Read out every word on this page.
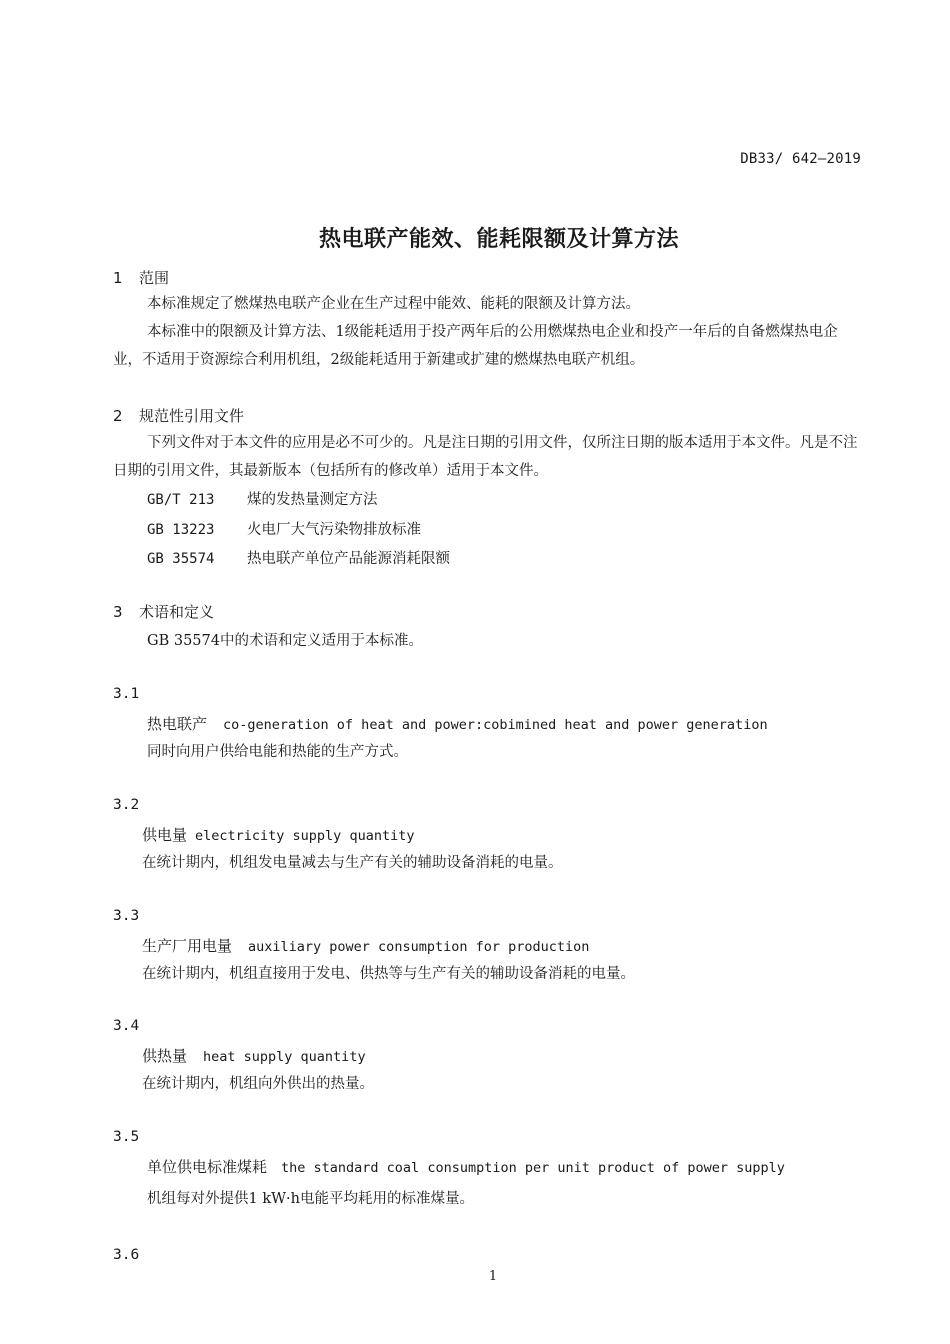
DB33/ 642—2019
热电联产能效、能耗限额及计算方法
1 范围
本标准规定了燃煤热电联产企业在生产过程中能效、能耗的限额及计算方法。
本标准中的限额及计算方法、1级能耗适用于投产两年后的公用燃煤热电企业和投产一年后的自备燃煤热电企业，不适用于资源综合利用机组，2级能耗适用于新建或扩建的燃煤热电联产机组。
2 规范性引用文件
下列文件对于本文件的应用是必不可少的。凡是注日期的引用文件，仅所注日期的版本适用于本文件。凡是不注日期的引用文件，其最新版本（包括所有的修改单）适用于本文件。
GB/T 213 煤的发热量测定方法
GB 13223 火电厂大气污染物排放标准
GB 35574 热电联产单位产品能源消耗限额
3 术语和定义
GB 35574中的术语和定义适用于本标准。
3.1
热电联产 co-generation of heat and power:cobimined heat and power generation
同时向用户供给电能和热能的生产方式。
3.2
供电量 electricity supply quantity
在统计期内，机组发电量减去与生产有关的辅助设备消耗的电量。
3.3
生产厂用电量 auxiliary power consumption for production
在统计期内，机组直接用于发电、供热等与生产有关的辅助设备消耗的电量。
3.4
供热量 heat supply quantity
在统计期内，机组向外供出的热量。
3.5
单位供电标准煤耗 the standard coal consumption per unit product of power supply
机组每对外提供1 kW·h电能平均耗用的标准煤量。
3.6
1
